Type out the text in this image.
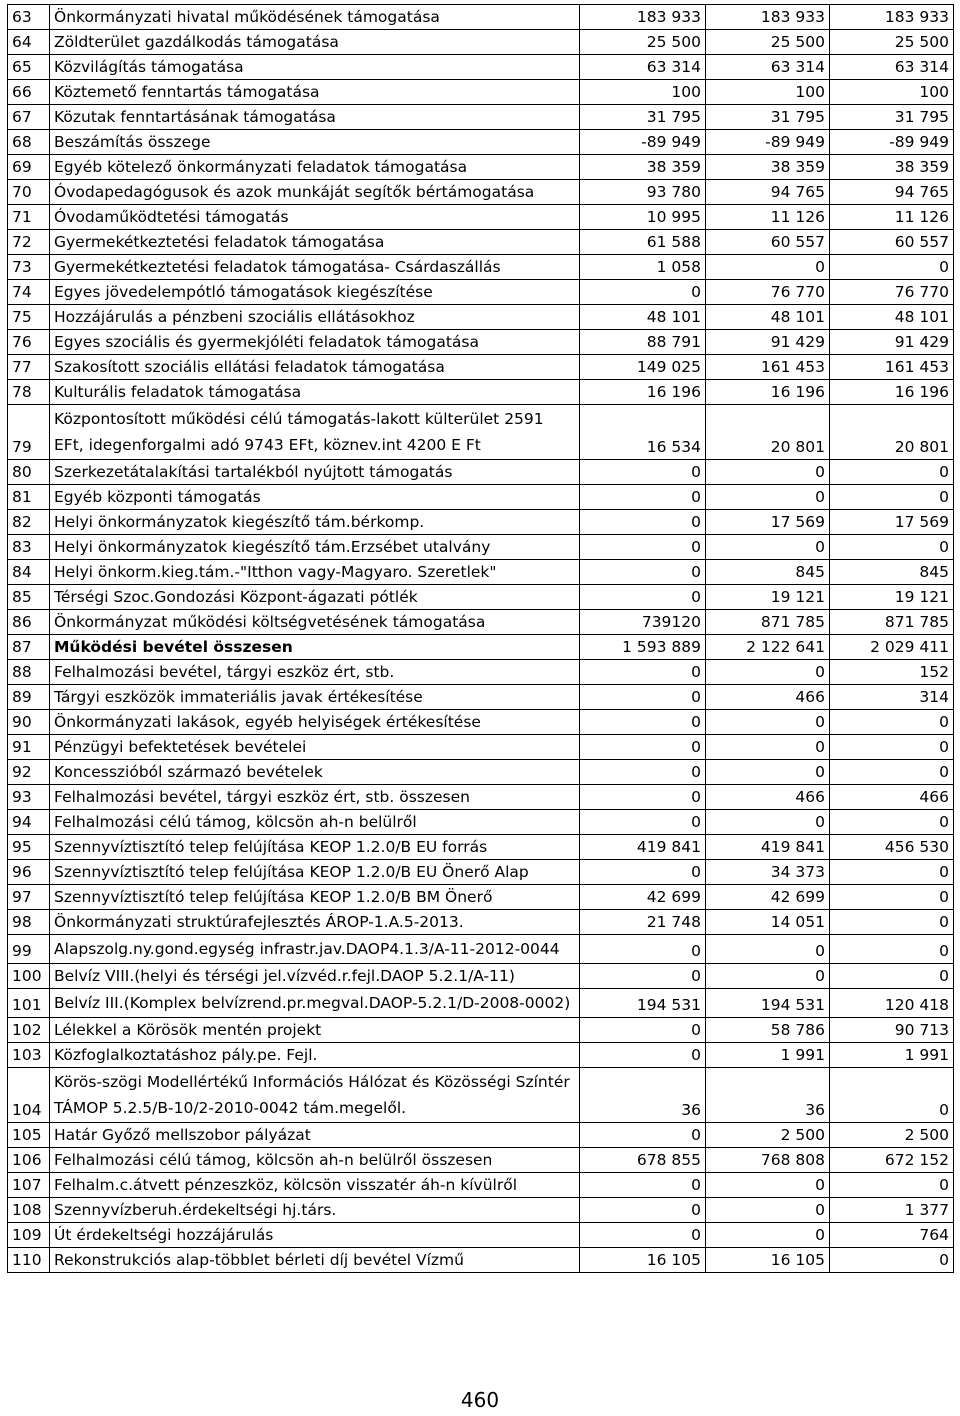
63	Önkormányzati hivatal működésének támogatása	183 933	183 933	183 933
64	Zöldterület gazdálkodás támogatása	25 500	25 500	25 500
65	Közvilágítás támogatása	63 314	63 314	63 314
66	Köztemető fenntartás támogatása	100	100	100
67	Közutak fenntartásának támogatása	31 795	31 795	31 795
68	Beszámítás összege	-89 949	-89 949	-89 949
69	Egyéb kötelező önkormányzati feladatok támogatása	38 359	38 359	38 359
70	Óvodapedagógusok és azok munkáját segítők bértámogatása	93 780	94 765	94 765
71	Óvodaműködtetési támogatás	10 995	11 126	11 126
72	Gyermekétkeztetési feladatok támogatása	61 588	60 557	60 557
73	Gyermekétkeztetési feladatok támogatása- Csárdaszállás	1 058	0	0
74	Egyes jövedelempótló támogatások kiegészítése	0	76 770	76 770
75	Hozzájárulás a pénzbeni szociális ellátásokhoz	48 101	48 101	48 101
76	Egyes szociális és gyermekjóléti feladatok támogatása	88 791	91 429	91 429
77	Szakosított szociális ellátási feladatok támogatása	149 025	161 453	161 453
78	Kulturális feladatok támogatása	16 196	16 196	16 196
79	Központosított működési célú támogatás-lakott külterület 2591 EFt, idegenforgalmi adó 9743 EFt, köznev.int 4200 E Ft	16 534	20 801	20 801
80	Szerkezetátalakítási tartalékból nyújtott támogatás	0	0	0
81	Egyéb központi támogatás	0	0	0
82	Helyi önkormányzatok kiegészítő tám.bérkomp.	0	17 569	17 569
83	Helyi önkormányzatok kiegészítő tám.Erzsébet utalvány	0	0	0
84	Helyi önkorm.kieg.tám.-"Itthon vagy-Magyaro. Szeretlek"	0	845	845
85	Térségi Szoc.Gondozási Központ-ágazati pótlék	0	19 121	19 121
86	Önkormányzat működési költségvetésének támogatása	739120	871 785	871 785
87	Működési bevétel összesen	1 593 889	2 122 641	2 029 411
88	Felhalmozási bevétel, tárgyi eszköz ért, stb.	0	0	152
89	Tárgyi eszközök immateriális javak értékesítése	0	466	314
90	Önkormányzati lakások, egyéb helyiségek értékesítése	0	0	0
91	Pénzügyi befektetések bevételei	0	0	0
92	Koncesszióból származó bevételek	0	0	0
93	Felhalmozási bevétel, tárgyi eszköz ért, stb. összesen	0	466	466
94	Felhalmozási célú támog, kölcsön ah-n belülről	0	0	0
95	Szennyvíztisztító telep felújítása KEOP 1.2.0/B EU forrás	419 841	419 841	456 530
96	Szennyvíztisztító telep felújítása KEOP 1.2.0/B EU Önerő Alap	0	34 373	0
97	Szennyvíztisztító telep felújítása KEOP 1.2.0/B BM Önerő	42 699	42 699	0
98	Önkormányzati struktúrafejlesztés ÁROP-1.A.5-2013.	21 748	14 051	0
99	Alapszolg.ny.gond.egység infrastr.jav.DAOP4.1.3/A-11-2012-0044	0	0	0
100	Belvíz VIII.(helyi és térségi jel.vízvéd.r.fejl.DAOP 5.2.1/A-11)	0	0	0
101	Belvíz III.(Komplex belvízrend.pr.megval.DAOP-5.2.1/D-2008-0002)	194 531	194 531	120 418
102	Lélekkel a Körösök mentén projekt	0	58 786	90 713
103	Közfoglalkoztatáshoz pály.pe. Fejl.	0	1 991	1 991
104	Körös-szögi Modellértékű Információs Hálózat és Közösségi Színtér TÁMOP 5.2.5/B-10/2-2010-0042 tám.megelől.	36	36	0
105	Határ Győző mellszobor pályázat	0	2 500	2 500
106	Felhalmozási célú támog, kölcsön ah-n belülről összesen	678 855	768 808	672 152
107	Felhalm.c.átvett pénzeszköz, kölcsön visszatér áh-n kívülről	0	0	0
108	Szennyvízberuh.érdekeltségi hj.társ.	0	0	1 377
109	Út érdekeltségi hozzájárulás	0	0	764
110	Rekonstrukciós alap-többlet bérleti díj bevétel Vízmű	16 105	16 105	0
460
